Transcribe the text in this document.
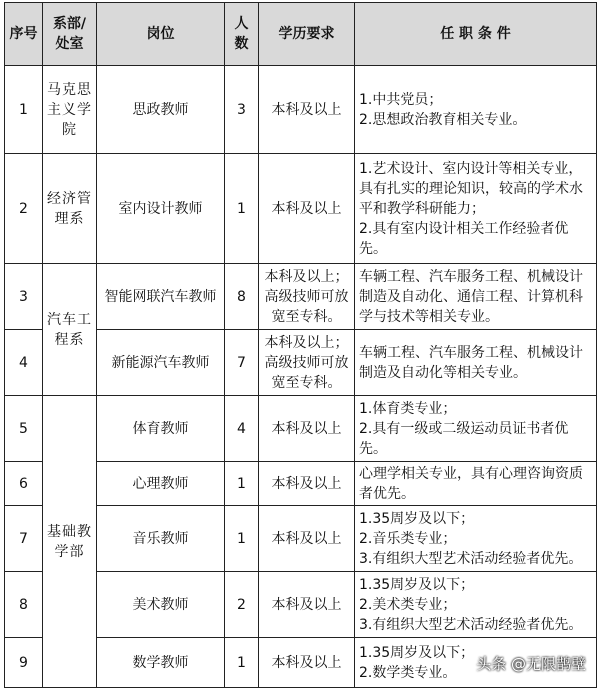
序号	系部/处室	岗位	人数	学历要求	任 职 条 件
1	马克思主义学院	思政教师	3	本科及以上	1.中共党员；
2.思想政治教育相关专业。

2	经济管理系	室内设计教师	1	本科及以上	1.艺术设计、室内设计等相关专业，具有扎实的理论知识，较高的学术水平和教学科研能力；
2.具有室内设计相关工作经验者优先。

3	汽车工程系	智能网联汽车教师	8	本科及以上；高级技师可放宽至专科。	车辆工程、汽车服务工程、机械设计制造及自动化、通信工程、计算机科学与技术等相关专业。

4		新能源汽车教师	7	本科及以上；高级技师可放宽至专科。	车辆工程、汽车服务工程、机械设计制造及自动化等相关专业。

5	基础教学部	体育教师	4	本科及以上	1.体育类专业；
2.具有一级或二级运动员证书者优先。

6		心理教师	1	本科及以上	心理学相关专业，具有心理咨询资质者优先。

7		音乐教师	1	本科及以上	1.35周岁及以下；
2.音乐类专业；
3.有组织大型艺术活动经验者优先。

8		美术教师	2	本科及以上	1.35周岁及以下；
2.美术类专业；
3.有组织大型艺术活动经验者优先。

9		数学教师	1	本科及以上	1.35周岁及以下；
2.数学类专业。	头条 @无限鹊壁
